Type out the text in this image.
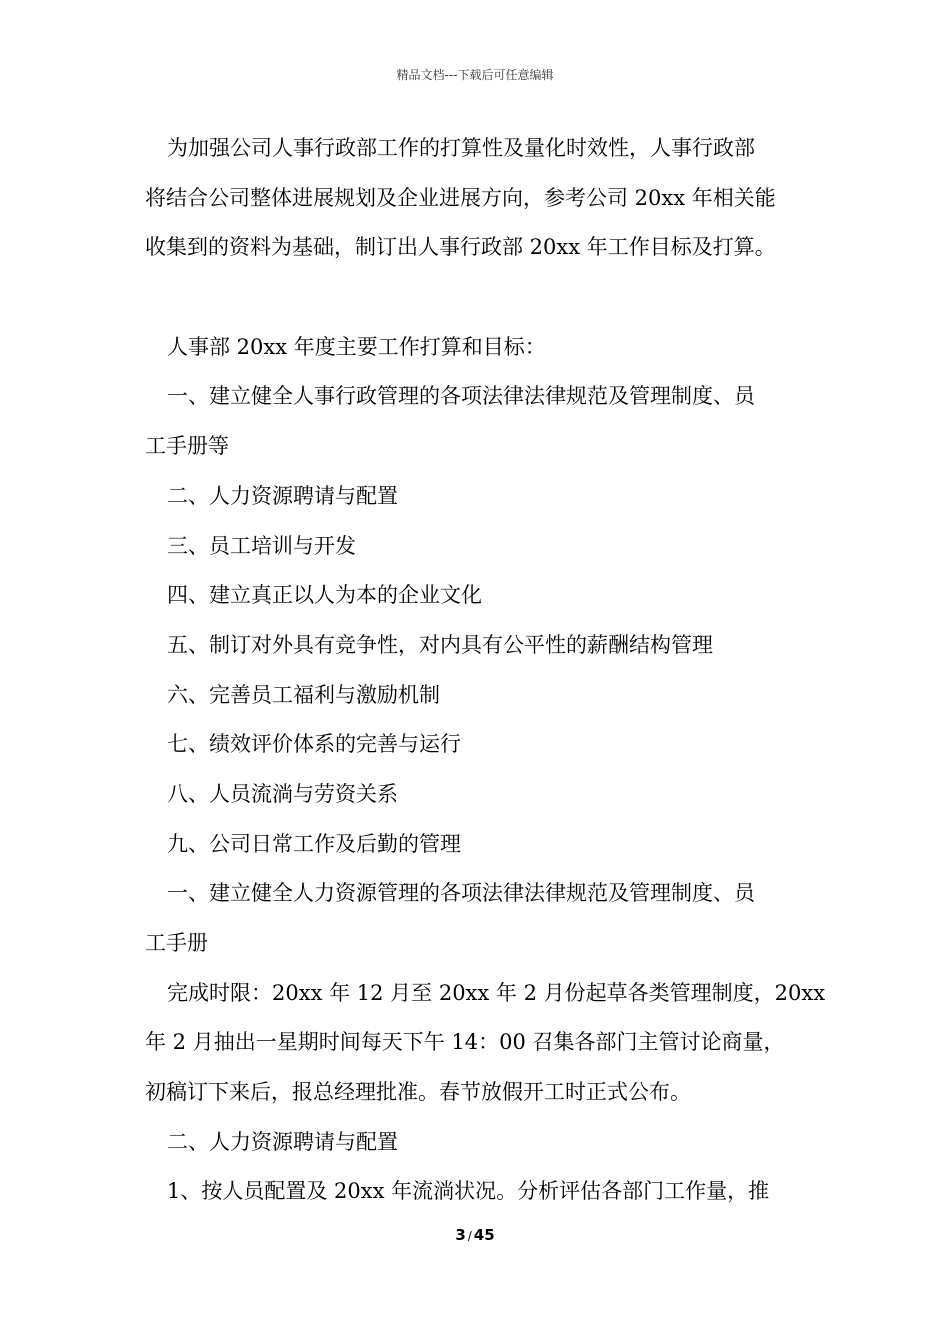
精品文档---下载后可任意编辑
为加强公司人事行政部工作的打算性及量化时效性，人事行政部
将结合公司整体进展规划及企业进展方向，参考公司 20xx 年相关能
收集到的资料为基础，制订出人事行政部 20xx 年工作目标及打算。
人事部 20xx 年度主要工作打算和目标：
一、建立健全人事行政管理的各项法律法律规范及管理制度、员
工手册等
二、人力资源聘请与配置
三、员工培训与开发
四、建立真正以人为本的企业文化
五、制订对外具有竞争性，对内具有公平性的薪酬结构管理
六、完善员工福利与激励机制
七、绩效评价体系的完善与运行
八、人员流淌与劳资关系
九、公司日常工作及后勤的管理
一、建立健全人力资源管理的各项法律法律规范及管理制度、员
工手册
完成时限：20xx 年 12 月至 20xx 年 2 月份起草各类管理制度，20xx
年 2 月抽出一星期时间每天下午 14：00 召集各部门主管讨论商量，
初稿订下来后，报总经理批准。春节放假开工时正式公布。
二、人力资源聘请与配置
1、按人员配置及 20xx 年流淌状况。分析评估各部门工作量，推
3 / 45
